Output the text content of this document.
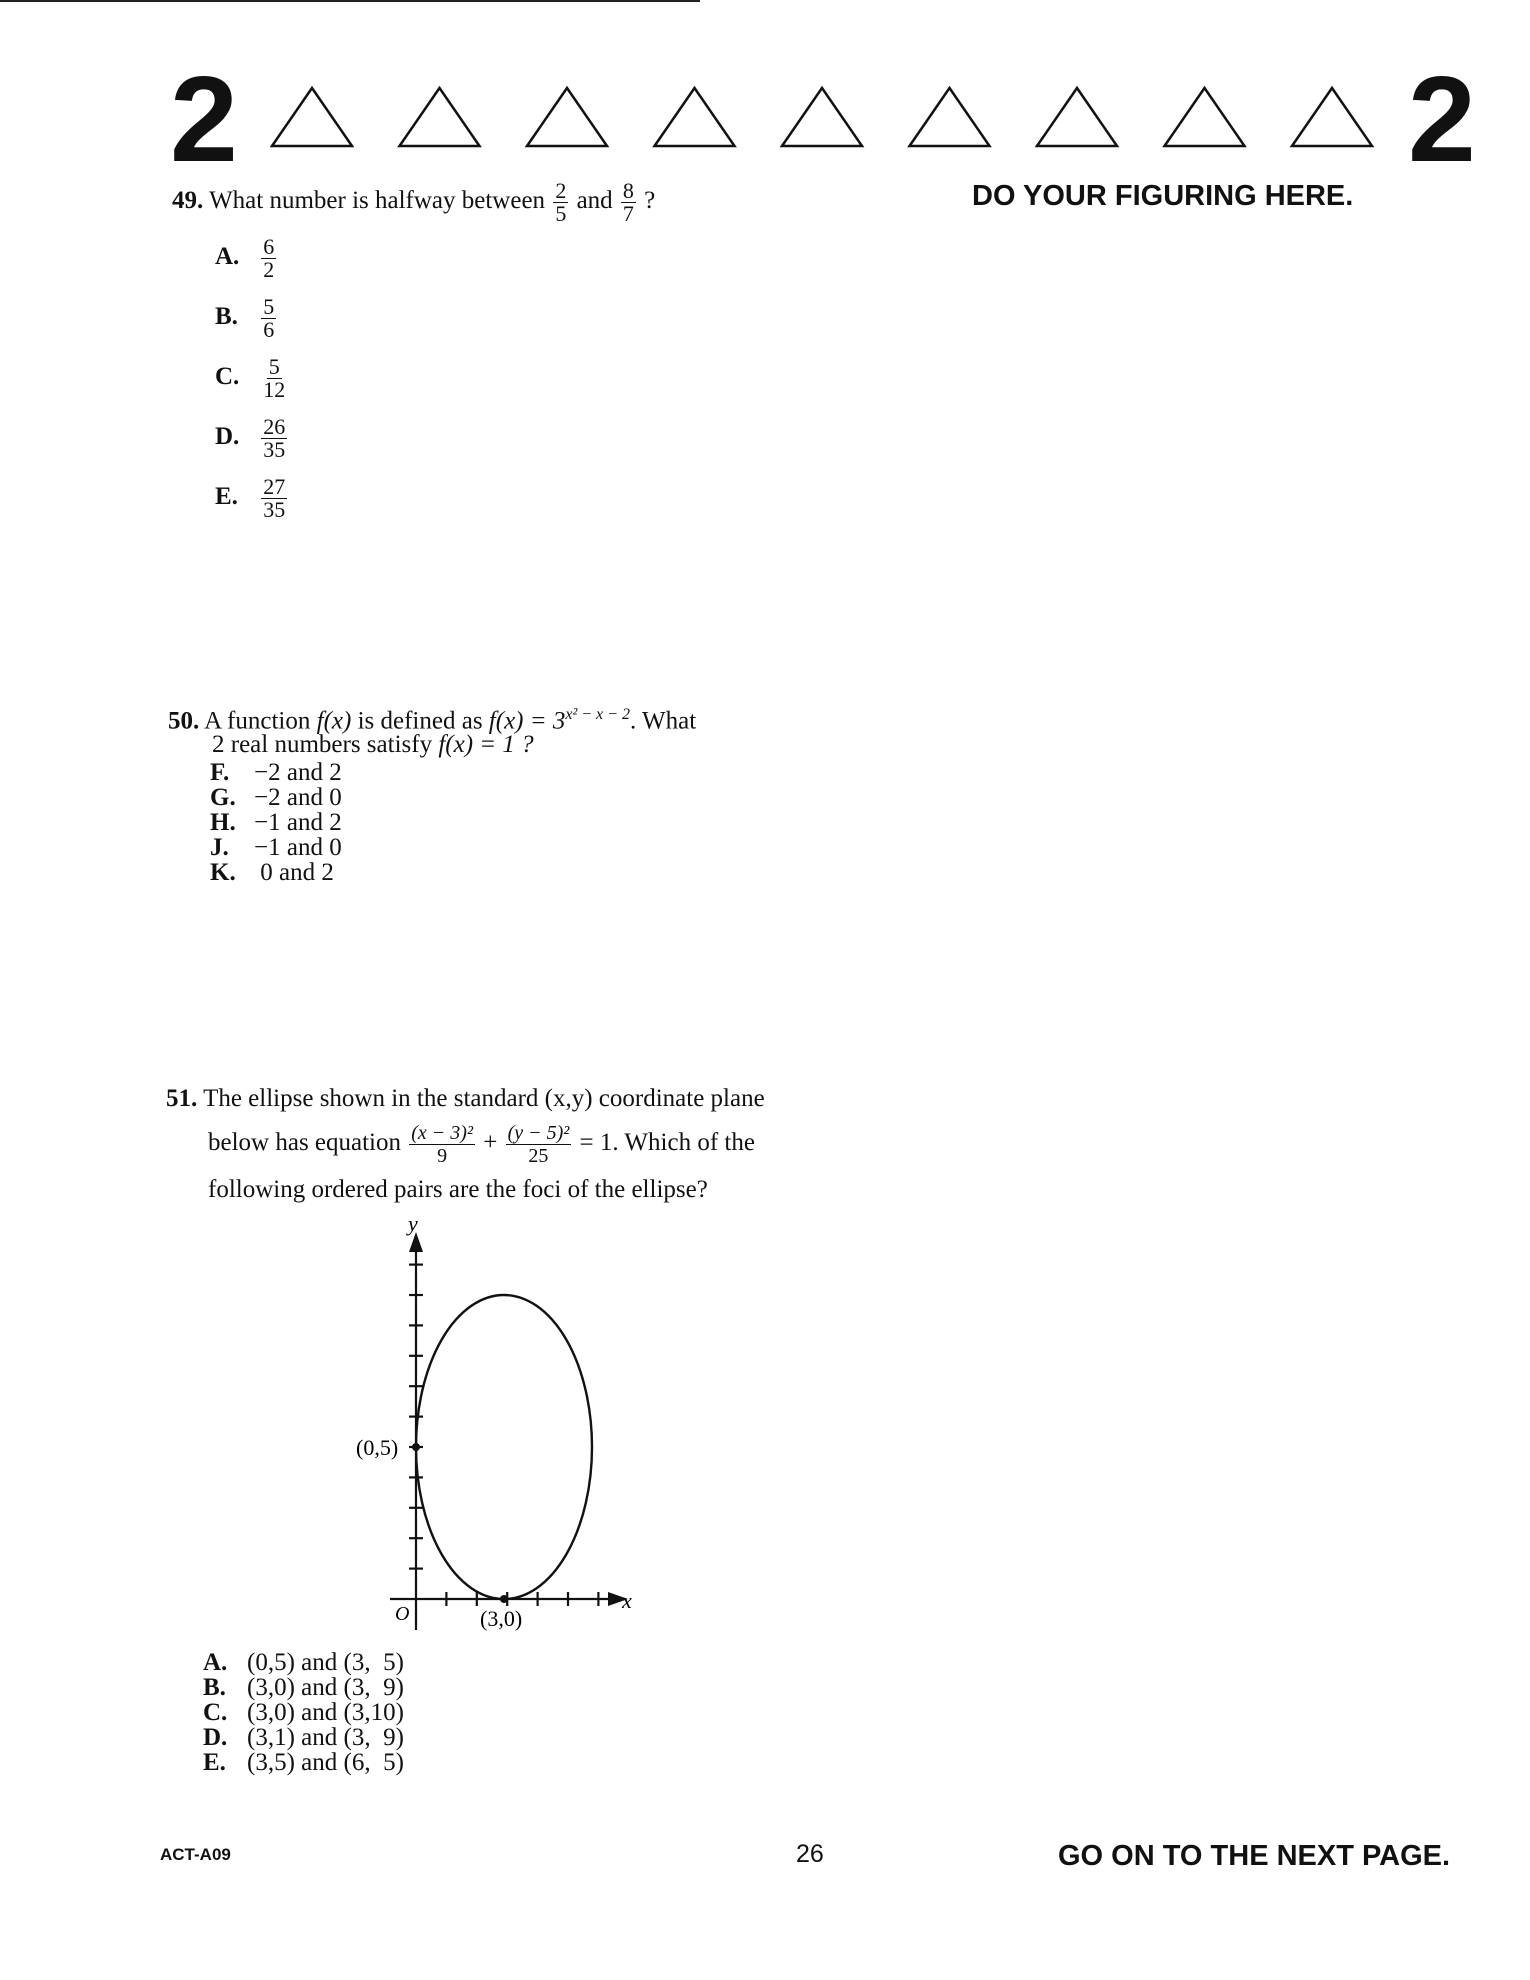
2	2
DO YOUR FIGURING HERE.
49. What number is halfway between $\frac{2}{5}$ and $\frac{8}{7}$ ?
A. $\frac{6}{2}$
B. $\frac{5}{6}$
C. $\frac{5}{12}$
D. $\frac{26}{35}$
E. $\frac{27}{35}$
50. A function f(x) is defined as $f(x) = 3^{x^2 - x - 2}$. What
2 real numbers satisfy f(x) = 1 ?
F. −2 and 2
G. −2 and 0
H. −1 and 2
J. −1 and 0
K. 0 and 2
51. The ellipse shown in the standard (x,y) coordinate plane
below has equation $\frac{\text{(x − 3)²}}{9} + \frac{\text{(y − 5)²}}{25} = 1$. Which of the
following ordered pairs are the foci of the ellipse?
y
x
O
(0,5)
(3,0)
A. (0,5) and (3,  5)
B. (3,0) and (3,  9)
C. (3,0) and (3,10)
D. (3,1) and (3,  9)
E. (3,5) and (6,  5)
ACT-A09	26	GO ON TO THE NEXT PAGE.
